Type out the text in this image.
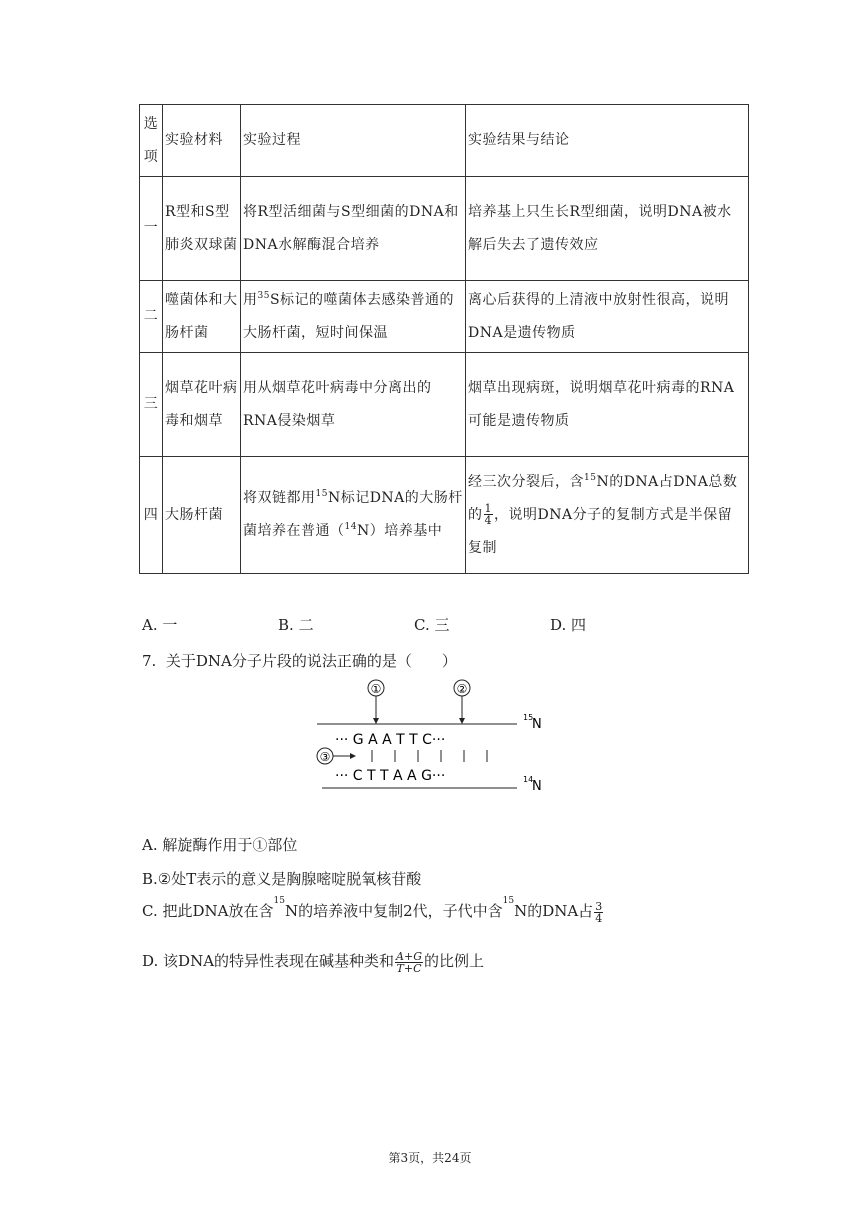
选项	实验材料	实验过程	实验结果与结论
一	R型和S型肺炎双球菌	将R型活细菌与S型细菌的DNA和DNA水解酶混合培养	培养基上只生长R型细菌，说明DNA被水解后失去了遗传效应
二	噬菌体和大肠杆菌	用$^{35}$S标记的噬菌体去感染普通的大肠杆菌，短时间保温	离心后获得的上清液中放射性很高，说明DNA是遗传物质
三	烟草花叶病毒和烟草	用从烟草花叶病毒中分离出的RNA侵染烟草	烟草出现病斑，说明烟草花叶病毒的RNA可能是遗传物质
四	大肠杆菌	将双链都用$^{15}$N标记DNA的大肠杆菌培养在普通（$^{14}$N）培养基中	经三次分裂后，含$^{15}$N的DNA占DNA总数的 $\frac{1}{4}$ ，说明DNA分子的复制方式是半保留复制
A. 一	B. 二	C. 三	D. 四
7. 关于DNA分子片段的说法正确的是（　　）
①	②
③
··· G A A T T C···
··· C T T A A G···
15
N
14
N
A. 解旋酶作用于①部位
B.②处T表示的意义是胸腺嘧啶脱氧核苷酸
C. 把此DNA放在含$^{15}$N的培养液中复制2代，子代中含$^{15}$N的DNA占 $\frac{3}{4}$
D. 该DNA的特异性表现在碱基种类和 $\frac{A+G}{T+C}$ 的比例上
第3页，共24页
